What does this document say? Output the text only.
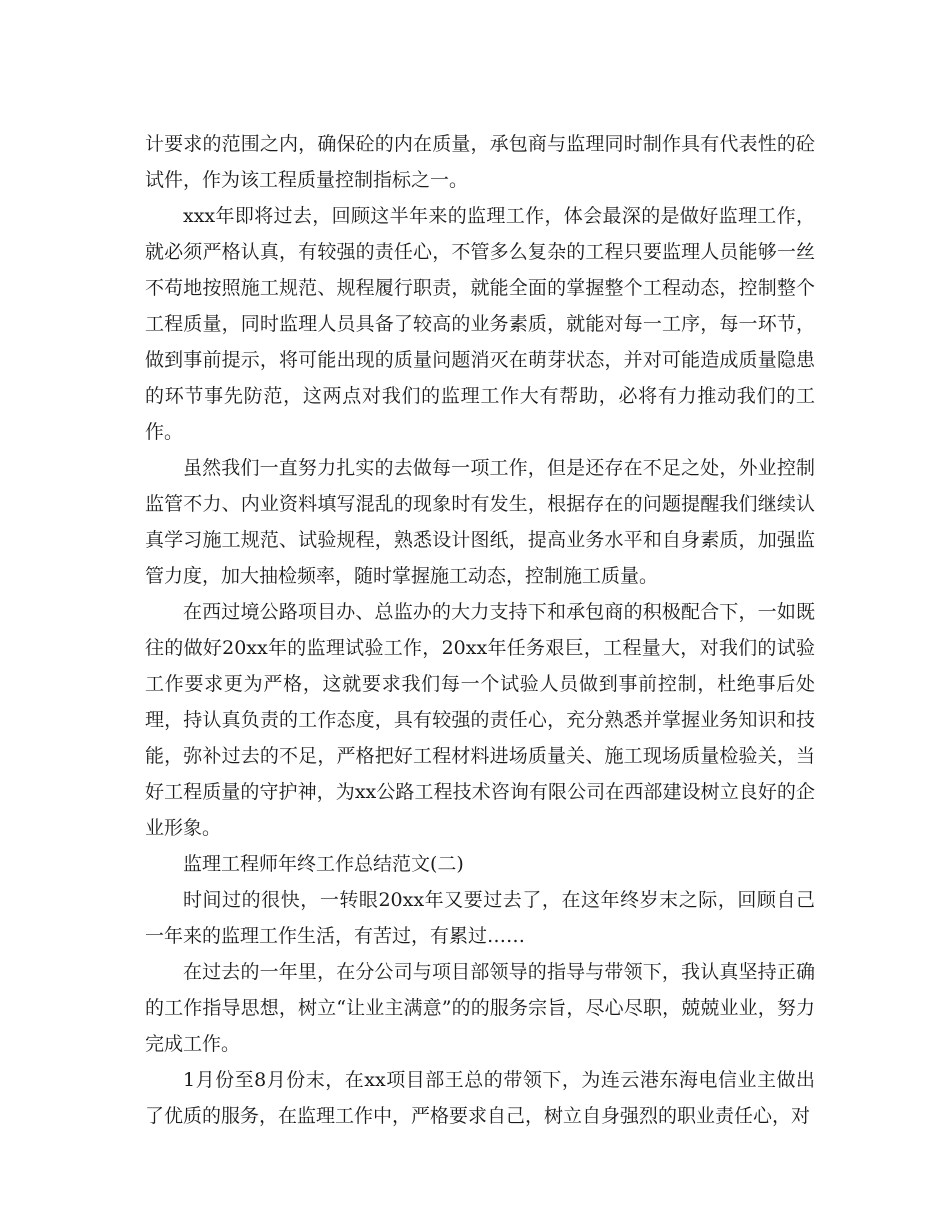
计要求的范围之内，确保砼的内在质量，承包商与监理同时制作具有代表性的砼试件，作为该工程质量控制指标之一。

xxx年即将过去，回顾这半年来的监理工作，体会最深的是做好监理工作，就必须严格认真，有较强的责任心，不管多么复杂的工程只要监理人员能够一丝不苟地按照施工规范、规程履行职责，就能全面的掌握整个工程动态，控制整个工程质量，同时监理人员具备了较高的业务素质，就能对每一工序，每一环节，做到事前提示，将可能出现的质量问题消灭在萌芽状态，并对可能造成质量隐患的环节事先防范，这两点对我们的监理工作大有帮助，必将有力推动我们的工作。

虽然我们一直努力扎实的去做每一项工作，但是还存在不足之处，外业控制监管不力、内业资料填写混乱的现象时有发生，根据存在的问题提醒我们继续认真学习施工规范、试验规程，熟悉设计图纸，提高业务水平和自身素质，加强监管力度，加大抽检频率，随时掌握施工动态，控制施工质量。

在西过境公路项目办、总监办的大力支持下和承包商的积极配合下，一如既往的做好20xx年的监理试验工作，20xx年任务艰巨，工程量大，对我们的试验工作要求更为严格，这就要求我们每一个试验人员做到事前控制，杜绝事后处理，持认真负责的工作态度，具有较强的责任心，充分熟悉并掌握业务知识和技能，弥补过去的不足，严格把好工程材料进场质量关、施工现场质量检验关，当好工程质量的守护神，为xx公路工程技术咨询有限公司在西部建设树立良好的企业形象。

监理工程师年终工作总结范文(二)

时间过的很快，一转眼20xx年又要过去了，在这年终岁末之际，回顾自己一年来的监理工作生活，有苦过，有累过……

在过去的一年里，在分公司与项目部领导的指导与带领下，我认真坚持正确的工作指导思想，树立“让业主满意”的的服务宗旨，尽心尽职，兢兢业业，努力完成工作。

1月份至8月份末，在xx项目部王总的带领下，为连云港东海电信业主做出了优质的服务，在监理工作中，严格要求自己，树立自身强烈的职业责任心，对
